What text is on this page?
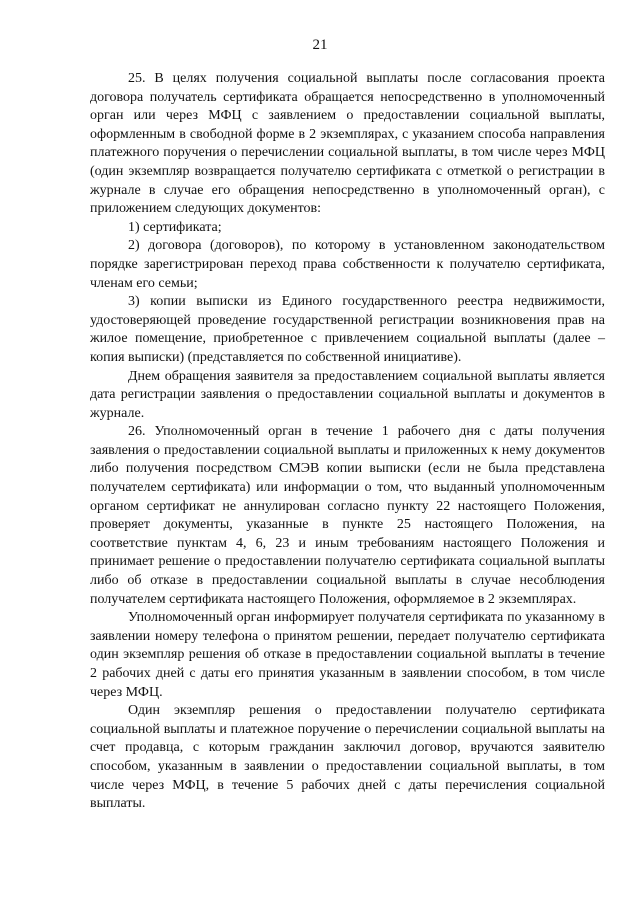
21

25. В целях получения социальной выплаты после согласования проекта договора получатель сертификата обращается непосредственно в уполномоченный орган или через МФЦ с заявлением о предоставлении социальной выплаты, оформленным в свободной форме в 2 экземплярах, с указанием способа направления платежного поручения о перечислении социальной выплаты, в том числе через МФЦ (один экземпляр возвращается получателю сертификата с отметкой о регистрации в журнале в случае его обращения непосредственно в уполномоченный орган), с приложением следующих документов:

1) сертификата;

2) договора (договоров), по которому в установленном законодательством порядке зарегистрирован переход права собственности к получателю сертификата, членам его семьи;

3) копии выписки из Единого государственного реестра недвижимости, удостоверяющей проведение государственной регистрации возникновения прав на жилое помещение, приобретенное с привлечением социальной выплаты (далее – копия выписки) (представляется по собственной инициативе).

Днем обращения заявителя за предоставлением социальной выплаты является дата регистрации заявления о предоставлении социальной выплаты и документов в журнале.

26. Уполномоченный орган в течение 1 рабочего дня с даты получения заявления о предоставлении социальной выплаты и приложенных к нему документов либо получения посредством СМЭВ копии выписки (если не была представлена получателем сертификата) или информации о том, что выданный уполномоченным органом сертификат не аннулирован согласно пункту 22 настоящего Положения, проверяет документы, указанные в пункте 25 настоящего Положения, на соответствие пунктам 4, 6, 23 и иным требованиям настоящего Положения и принимает решение о предоставлении получателю сертификата социальной выплаты либо об отказе в предоставлении социальной выплаты в случае несоблюдения получателем сертификата настоящего Положения, оформляемое в 2 экземплярах.

Уполномоченный орган информирует получателя сертификата по указанному в заявлении номеру телефона о принятом решении, передает получателю сертификата один экземпляр решения об отказе в предоставлении социальной выплаты в течение 2 рабочих дней с даты его принятия указанным в заявлении способом, в том числе через МФЦ.

Один экземпляр решения о предоставлении получателю сертификата социальной выплаты и платежное поручение о перечислении социальной выплаты на счет продавца, с которым гражданин заключил договор, вручаются заявителю способом, указанным в заявлении о предоставлении социальной выплаты, в том числе через МФЦ, в течение 5 рабочих дней с даты перечисления социальной выплаты.
